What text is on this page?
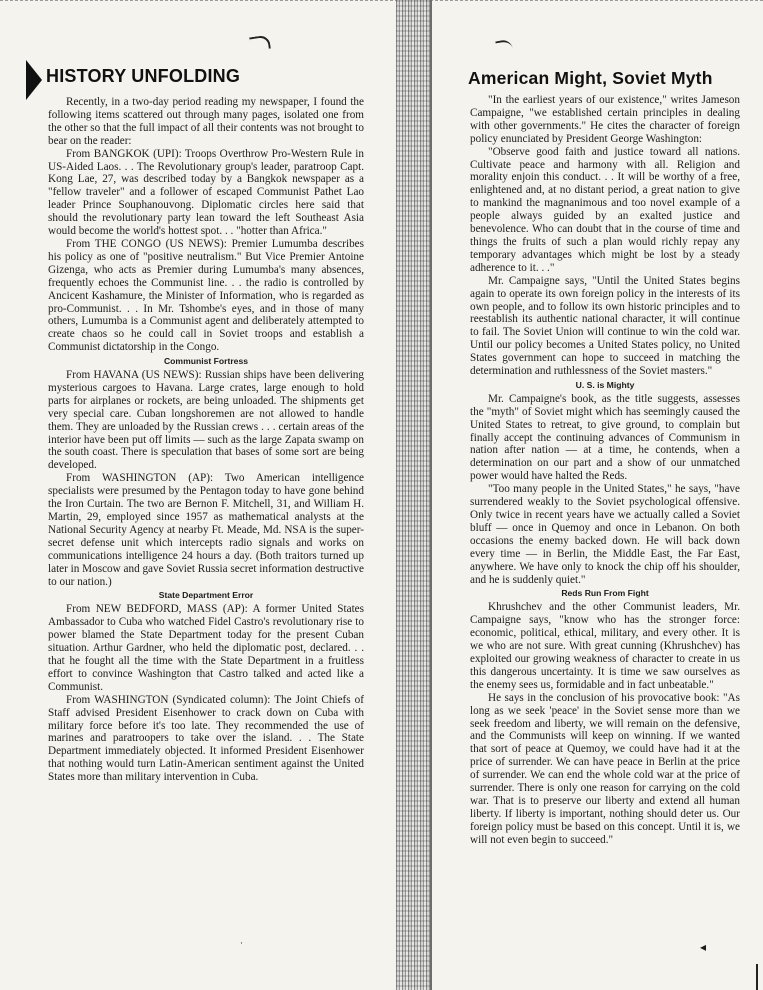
HISTORY UNFOLDING

Recently, in a two-day period reading my newspaper, I found the following items scattered out through many pages, isolated one from the other so that the full impact of all their contents was not brought to bear on the reader:

From BANGKOK (UPI): Troops Overthrow Pro-Western Rule in US-Aided Laos. . . The Revolutionary group's leader, paratroop Capt. Kong Lae, 27, was described today by a Bangkok newspaper as a "fellow traveler" and a follower of escaped Communist Pathet Lao leader Prince Souphanouvong. Diplomatic circles here said that should the revolutionary party lean toward the left Southeast Asia would become the world's hottest spot. . . "hotter than Africa."

From THE CONGO (US NEWS): Premier Lumumba describes his policy as one of "positive neutralism." But Vice Premier Antoine Gizenga, who acts as Premier during Lumumba's many absences, frequently echoes the Communist line. . . the radio is controlled by Ancicent Kashamure, the Minister of Information, who is regarded as pro-Communist. . . In Mr. Tshombe's eyes, and in those of many others, Lumumba is a Communist agent and deliberately attempted to create chaos so he could call in Soviet troops and establish a Communist dictatorship in the Congo.

Communist Fortress

From HAVANA (US NEWS): Russian ships have been delivering mysterious cargoes to Havana. Large crates, large enough to hold parts for airplanes or rockets, are being unloaded. The shipments get very special care. Cuban longshoremen are not allowed to handle them. They are unloaded by the Russian crews . . . certain areas of the interior have been put off limits — such as the large Zapata swamp on the south coast. There is speculation that bases of some sort are being developed.

From WASHINGTON (AP): Two American intelligence specialists were presumed by the Pentagon today to have gone behind the Iron Curtain. The two are Bernon F. Mitchell, 31, and William H. Martin, 29, employed since 1957 as mathematical analysts at the National Security Agency at nearby Ft. Meade, Md. NSA is the super-secret defense unit which intercepts radio signals and works on communications intelligence 24 hours a day. (Both traitors turned up later in Moscow and gave Soviet Russia secret information destructive to our nation.)

State Department Error

From NEW BEDFORD, MASS (AP): A former United States Ambassador to Cuba who watched Fidel Castro's revolutionary rise to power blamed the State Department today for the present Cuban situation. Arthur Gardner, who held the diplomatic post, declared. . . that he fought all the time with the State Department in a fruitless effort to convince Washington that Castro talked and acted like a Communist.

From WASHINGTON (Syndicated column): The Joint Chiefs of Staff advised President Eisenhower to crack down on Cuba with military force before it's too late. They recommended the use of marines and paratroopers to take over the island. . . The State Department immediately objected. It informed President Eisenhower that nothing would turn Latin-American sentiment against the United States more than military intervention in Cuba.

American Might, Soviet Myth

"In the earliest years of our existence," writes Jameson Campaigne, "we established certain principles in dealing with other governments." He cites the character of foreign policy enunciated by President George Washington:

"Observe good faith and justice toward all nations. Cultivate peace and harmony with all. Religion and morality enjoin this conduct. . . It will be worthy of a free, enlightened and, at no distant period, a great nation to give to mankind the magnanimous and too novel example of a people always guided by an exalted justice and benevolence. Who can doubt that in the course of time and things the fruits of such a plan would richly repay any temporary advantages which might be lost by a steady adherence to it. . ."

Mr. Campaigne says, "Until the United States begins again to operate its own foreign policy in the interests of its own people, and to follow its own historic principles and to reestablish its authentic national character, it will continue to fail. The Soviet Union will continue to win the cold war. Until our policy becomes a United States policy, no United States government can hope to succeed in matching the determination and ruthlessness of the Soviet masters."

U. S. is Mighty

Mr. Campaigne's book, as the title suggests, assesses the "myth" of Soviet might which has seemingly caused the United States to retreat, to give ground, to complain but finally accept the continuing advances of Communism in nation after nation — at a time, he contends, when a determination on our part and a show of our unmatched power would have halted the Reds.

"Too many people in the United States," he says, "have surrendered weakly to the Soviet psychological offensive. Only twice in recent years have we actually called a Soviet bluff — once in Quemoy and once in Lebanon. On both occasions the enemy backed down. He will back down every time — in Berlin, the Middle East, the Far East, anywhere. We have only to knock the chip off his shoulder, and he is suddenly quiet."

Reds Run From Fight

Khrushchev and the other Communist leaders, Mr. Campaigne says, "know who has the stronger force: economic, political, ethical, military, and every other. It is we who are not sure. With great cunning (Khrushchev) has exploited our growing weakness of character to create in us this dangerous uncertainty. It is time we saw ourselves as the enemy sees us, formidable and in fact unbeatable."

He says in the conclusion of his provocative book: "As long as we seek 'peace' in the Soviet sense more than we seek freedom and liberty, we will remain on the defensive, and the Communists will keep on winning. If we wanted that sort of peace at Quemoy, we could have had it at the price of surrender. We can have peace in Berlin at the price of surrender. We can end the whole cold war at the price of surrender. There is only one reason for carrying on the cold war. That is to preserve our liberty and extend all human liberty. If liberty is important, nothing should deter us. Our foreign policy must be based on this concept. Until it is, we will not even begin to succeed."

·	◂
